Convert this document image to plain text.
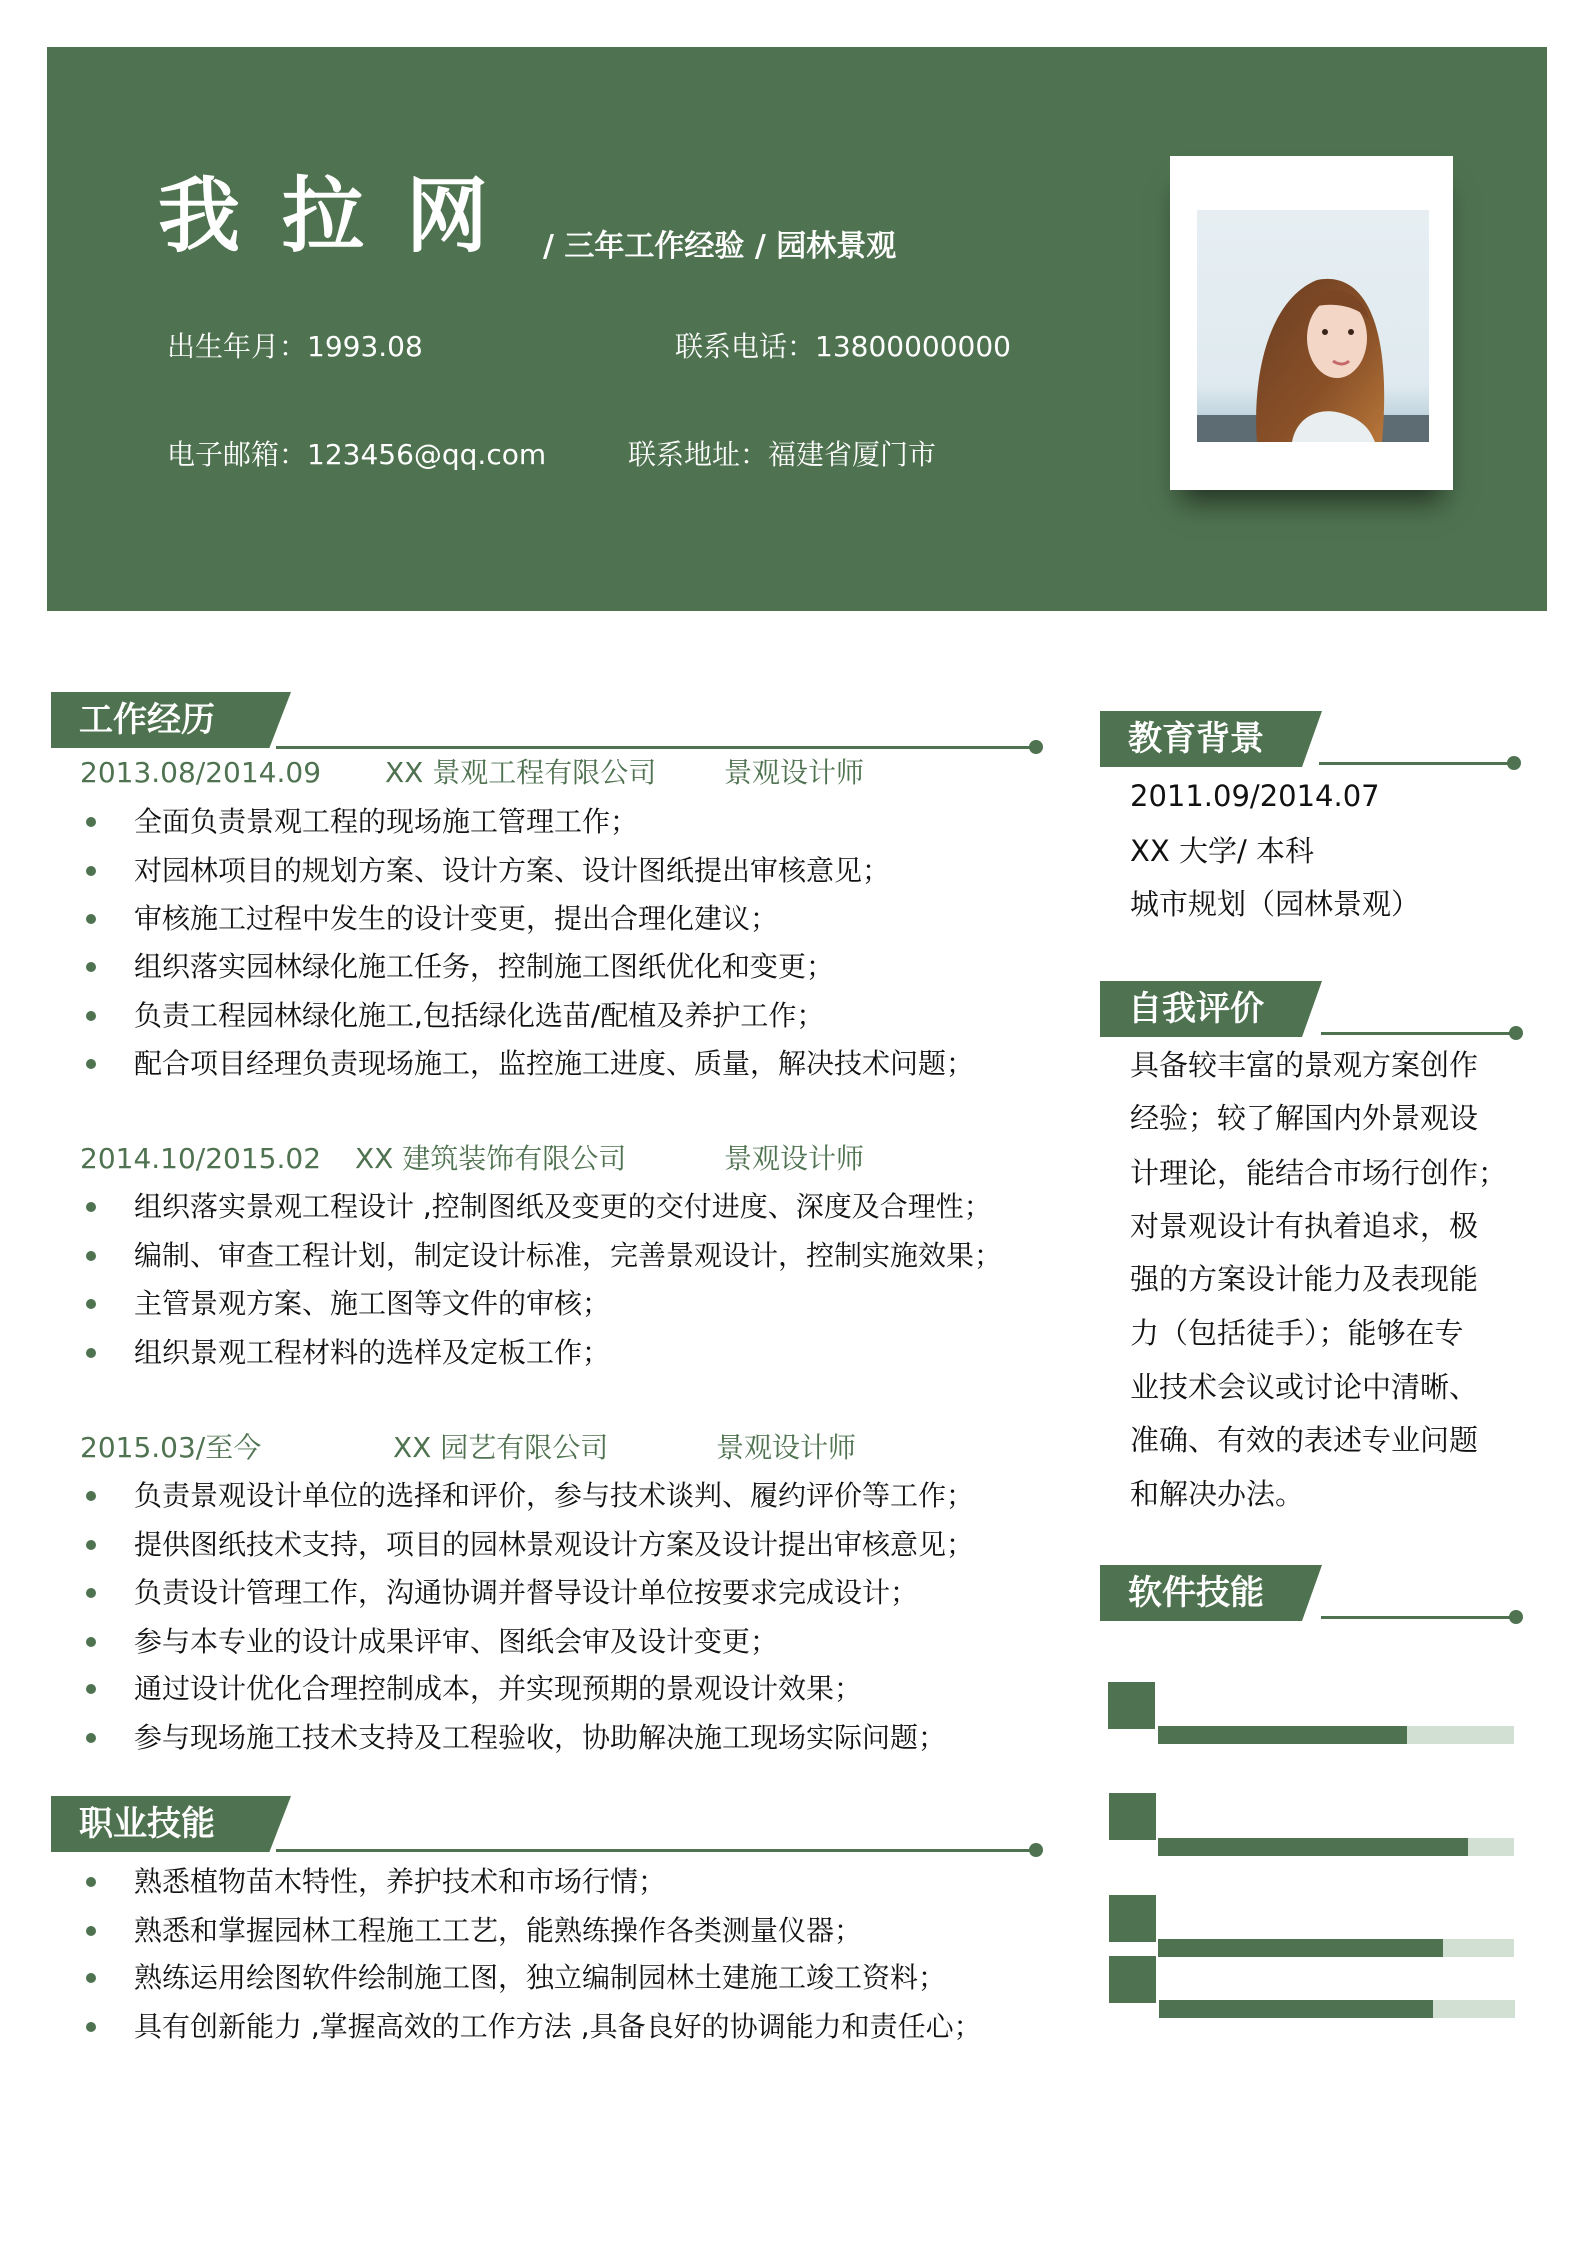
我拉网 / 三年工作经验 / 园林景观
出生年月：1993.08	联系电话：13800000000
电子邮箱：123456@qq.com	联系地址：福建省厦门市
工作经历
2013.08/2014.09 XX 景观工程有限公司 景观设计师
全面负责景观工程的现场施工管理工作；
对园林项目的规划方案、设计方案、设计图纸提出审核意见；
审核施工过程中发生的设计变更，提出合理化建议；
组织落实园林绿化施工任务，控制施工图纸优化和变更；
负责工程园林绿化施工,包括绿化选苗/配植及养护工作；
配合项目经理负责现场施工，监控施工进度、质量，解决技术问题；
2014.10/2015.02 XX 建筑装饰有限公司	景观设计师
组织落实景观工程设计 ,控制图纸及变更的交付进度、深度及合理性；
编制、审查工程计划，制定设计标准，完善景观设计，控制实施效果；
主管景观方案、施工图等文件的审核；
组织景观工程材料的选样及定板工作；
2015.03/至今	XX 园艺有限公司	景观设计师
负责景观设计单位的选择和评价，参与技术谈判、履约评价等工作；
提供图纸技术支持，项目的园林景观设计方案及设计提出审核意见；
负责设计管理工作，沟通协调并督导设计单位按要求完成设计；
参与本专业的设计成果评审、图纸会审及设计变更；
通过设计优化合理控制成本，并实现预期的景观设计效果；
参与现场施工技术支持及工程验收，协助解决施工现场实际问题；
职业技能
熟悉植物苗木特性，养护技术和市场行情；
熟悉和掌握园林工程施工工艺，能熟练操作各类测量仪器；
熟练运用绘图软件绘制施工图，独立编制园林土建施工竣工资料；
具有创新能力 ,掌握高效的工作方法 ,具备良好的协调能力和责任心；
教育背景
2011.09/2014.07
XX 大学/ 本科
城市规划（园林景观）
自我评价
具备较丰富的景观方案创作
经验；较了解国内外景观设
计理论，能结合市场行创作；
对景观设计有执着追求，极
强的方案设计能力及表现能
力（包括徒手）；能够在专
业技术会议或讨论中清晰、
准确、有效的表述专业问题
和解决办法。
软件技能
